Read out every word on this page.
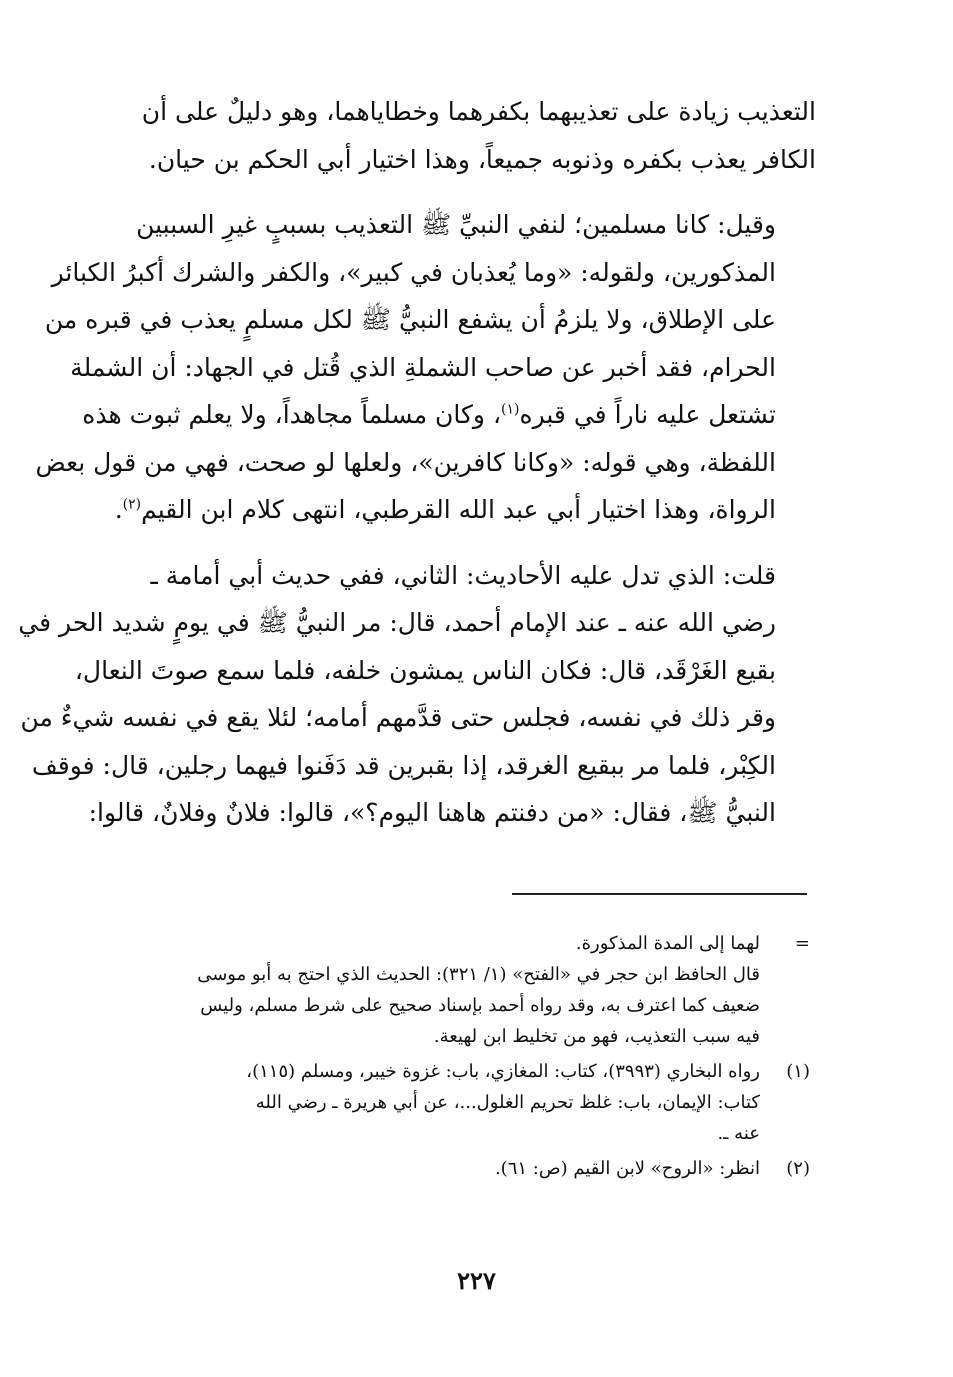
التعذيب زيادة على تعذيبهما بكفرهما وخطاياهما، وهو دليلٌ على أن
الكافر يعذب بكفره وذنوبه جميعاً، وهذا اختيار أبي الحكم بن حيان.

وقيل: كانا مسلمين؛ لنفي النبيِّ ﷺ التعذيب بسببٍ غيرِ السببين
المذكورين، ولقوله: «وما يُعذبان في كبير»، والكفر والشرك أكبرُ الكبائر
على الإطلاق، ولا يلزمُ أن يشفع النبيُّ ﷺ لكل مسلمٍ يعذب في قبره من
الحرام، فقد أخبر عن صاحب الشملةِ الذي قُتل في الجهاد: أن الشملة
تشتعل عليه ناراً في قبره$^{(١)}$، وكان مسلماً مجاهداً، ولا يعلم ثبوت هذه
اللفظة، وهي قوله: «وكانا كافرين»، ولعلها لو صحت، فهي من قول بعض
الرواة، وهذا اختيار أبي عبد الله القرطبي، انتهى كلام ابن القيم$^{(٢)}$.

قلت: الذي تدل عليه الأحاديث: الثاني، ففي حديث أبي أمامة ـ
رضي الله عنه ـ عند الإمام أحمد، قال: مر النبيُّ ﷺ في يومٍ شديد الحر في
بقيع الغَرْقَد، قال: فكان الناس يمشون خلفه، فلما سمع صوتَ النعال،
وقر ذلك في نفسه، فجلس حتى قدَّمهم أمامه؛ لئلا يقع في نفسه شيءٌ من
الكِبْر، فلما مر ببقيع الغرقد، إذا بقبرين قد دَفَنوا فيهما رجلين، قال: فوقف
النبيُّ ﷺ، فقال: «من دفنتم هاهنا اليوم؟»، قالوا: فلانٌ وفلانٌ، قالوا:

=
لهما إلى المدة المذكورة.
قال الحافظ ابن حجر في «الفتح» (١/ ٣٢١): الحديث الذي احتج به أبو موسى
ضعيف كما اعترف به، وقد رواه أحمد بإسناد صحيح على شرط مسلم، وليس
فيه سبب التعذيب، فهو من تخليط ابن لهيعة.
(١)
رواه البخاري (٣٩٩٣)، كتاب: المغازي، باب: غزوة خيبر، ومسلم (١١٥)،
كتاب: الإيمان، باب: غلظ تحريم الغلول...، عن أبي هريرة ـ رضي الله
عنه ـ.
(٢)
انظر: «الروح» لابن القيم (ص: ٦١).
٢٢٧
